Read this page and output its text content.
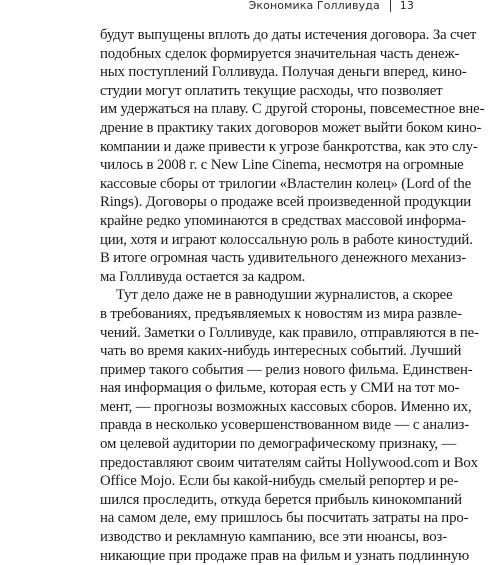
Экономика Голливуда 13
будут выпущены вплоть до даты истечения договора. За счет
подобных сделок формируется значительная часть денеж-
ных поступлений Голливуда. Получая деньги вперед, кино-
студии могут оплатить текущие расходы, что позволяет
им удержаться на плаву. С другой стороны, повсеместное вне-
дрение в практику таких договоров может выйти боком кино-
компании и даже привести к угрозе банкротства, как это слу-
чилось в 2008 г. с New Line Cinema, несмотря на огромные
кассовые сборы от трилогии «Властелин колец» (Lord of the
Rings). Договоры о продаже всей произведенной продукции
крайне редко упоминаются в средствах массовой информа-
ции, хотя и играют колоссальную роль в работе киностудий.
В итоге огромная часть удивительного денежного механиз-
ма Голливуда остается за кадром.
Тут дело даже не в равнодушии журналистов, а скорее
в требованиях, предъявляемых к новостям из мира развле-
чений. Заметки о Голливуде, как правило, отправляются в пе-
чать во время каких-нибудь интересных событий. Лучший
пример такого события — релиз нового фильма. Единствен-
ная информация о фильме, которая есть у СМИ на тот мо-
мент, — прогнозы возможных кассовых сборов. Именно их,
правда в несколько усовершенствованном виде — с анализ-
ом целевой аудитории по демографическому признаку, —
предоставляют своим читателям сайты Hollywood.com и Box
Office Mojo. Если бы какой-нибудь смелый репортер и ре-
шился проследить, откуда берется прибыль кинокомпаний
на самом деле, ему пришлось бы посчитать затраты на про-
изводство и рекламную кампанию, все эти нюансы, воз-
никающие при продаже прав на фильм и узнать подлинную
